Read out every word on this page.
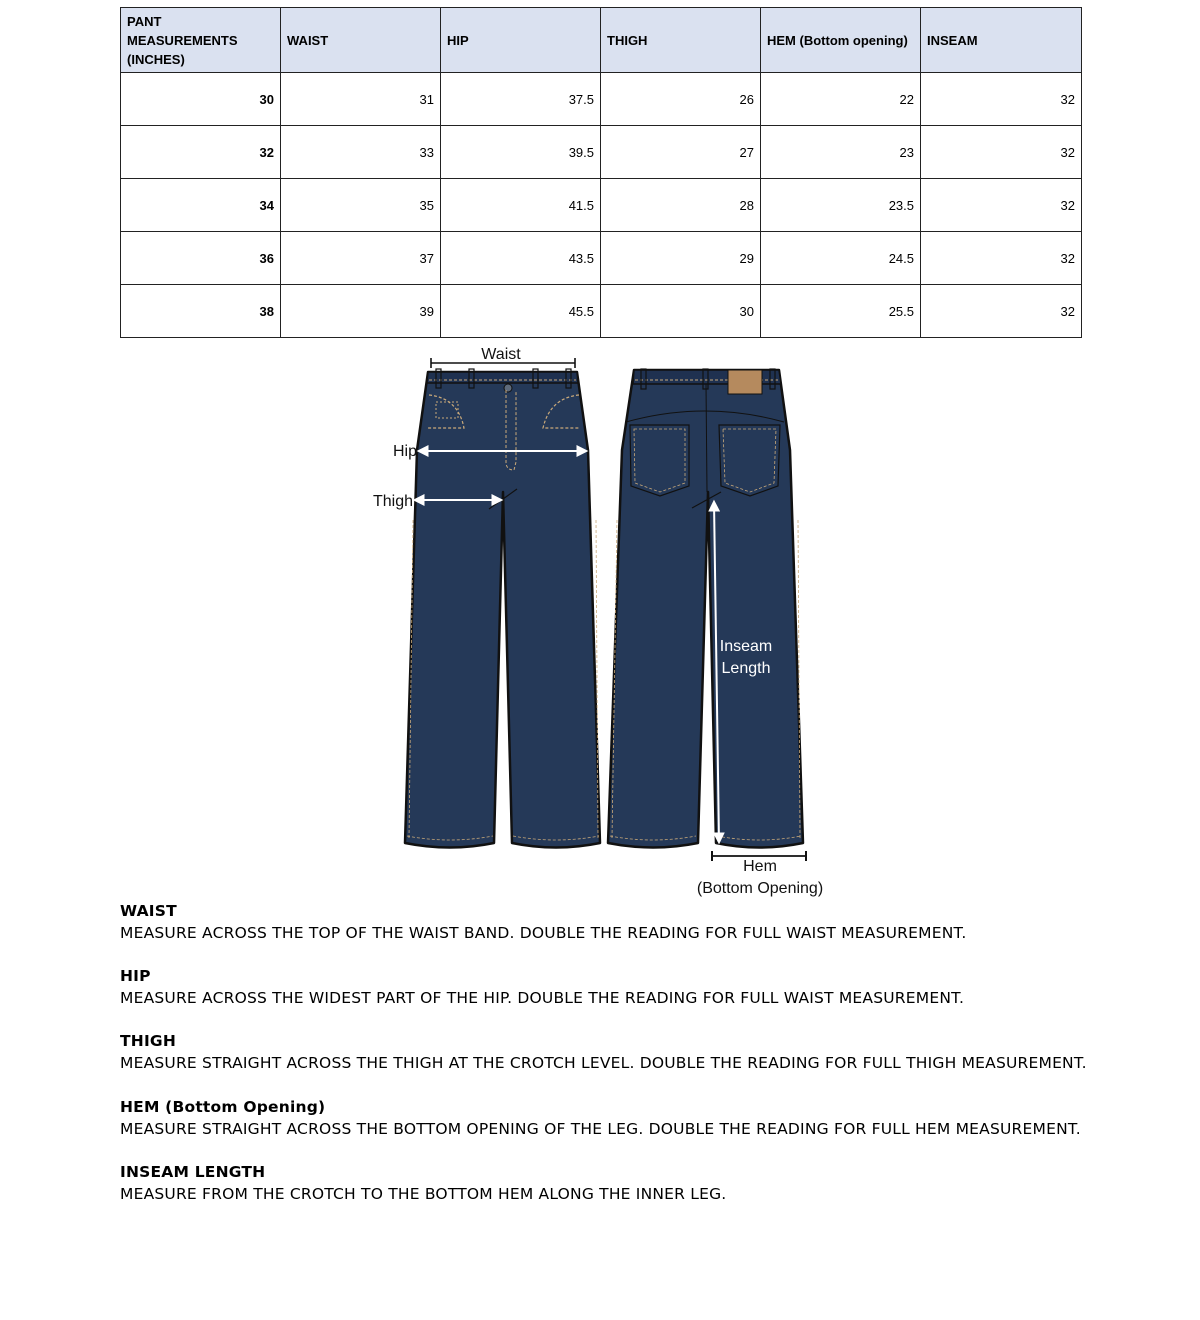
PANT MEASUREMENTS (INCHES)	WAIST	HIP	THIGH	HEM (Bottom opening)	INSEAM
30	31	37.5	26	22	32
32	33	39.5	27	23	32
34	35	41.5	28	23.5	32
36	37	43.5	29	24.5	32
38	39	45.5	30	25.5	32
Waist
Hip
Thigh
Inseam
Length
Hem
(Bottom Opening)
WAIST
MEASURE ACROSS THE TOP OF THE WAIST BAND. DOUBLE THE READING FOR FULL WAIST MEASUREMENT.
HIP
MEASURE ACROSS THE WIDEST PART OF THE HIP. DOUBLE THE READING FOR FULL WAIST MEASUREMENT.
THIGH
MEASURE STRAIGHT ACROSS THE THIGH AT THE CROTCH LEVEL. DOUBLE THE READING FOR FULL THIGH MEASUREMENT.
HEM (Bottom Opening)
MEASURE STRAIGHT ACROSS THE BOTTOM OPENING OF THE LEG. DOUBLE THE READING FOR FULL HEM MEASUREMENT.
INSEAM LENGTH
MEASURE FROM THE CROTCH TO THE BOTTOM HEM ALONG THE INNER LEG.
